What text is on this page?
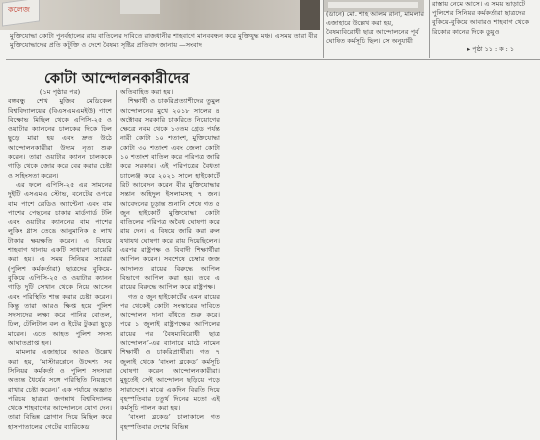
কলেজ
মুক্তিযোদ্ধা কোটা পুনর্বহালের রায় বাতিলের দাবিতে রাজধানীর শাহবাগে মানববন্ধন করে মুক্তিযুদ্ধ মঞ্চ। এসময় তারা বীর মুক্তিযোদ্ধাদের প্রতি কটূক্তি ও দেশে বৈষম্য সৃষ্টির প্রতিবাদ জানায় —সংবাদ
(ডানে) মো. শাহ আলম রানা, মামলার এজাহারে উল্লেখ করা হয়, বৈষম্যবিরোধী ছাত্র আন্দোলনের পূর্ব ঘোষিত কর্মসূচি ছিল। সে অনুযায়ী
রাস্তায় নেমে আসে। এ সময় ভাড়াটে পুলিশের সিনিয়র কর্মকর্তারা ছাত্রদের বুকিয়ে-বুকিয়ে আবারও শাহবাগ থেকে রিকোর কানের দিকে ডুয়ুও
▸ পৃষ্ঠা ১১ : ক : ১
কোটা আন্দোলনকারীদের

(১ম পৃষ্ঠার পর)

বঙ্গবন্ধু শেখ মুজিব মেডিকেল বিশ্ববিদ্যালয়ের (বিএসএমএমইউ) পাশে বিক্ষোভ মিছিল থেকে এপিসি-২৫ ও ওয়াটার ক্যাননের চালকের দিকে ঢিল ছুড়ে মারা হয় এবং দ্রুত উঠে আন্দোলনকারীরা উদ্যম নৃত্য শুরু করেন। তারা ওয়াটার ক্যানন চালককে গাড়ি থেকে জোর করে বের করার চেষ্টা ও সহিংসতা করেন।

এর ফলে এপিসি-২৫ এর সামনের দুইটি এসএমএ স্টোভ, বনেটের ওপরে বাম পাশে রেডিও অ্যান্টেনা এবং বাম পাশের পেছনের চাকার মার্ডগার্ড টলি এবং ওয়াটার ক্যাননের বাম পাশের লুকিং গ্লাস তেঙে আনুমানিক ৫ লাখ টাকার ক্ষয়ক্ষতি করেন। এ বিষয়ে শাহবাগ থানায় একটি সাধারণ ডায়েরি করা হয়। এ সময় সিনিয়র স্যাররা (পুলিশ কর্মকর্তারা) ছাত্রদের বুকিয়ে-বুকিয়ে এপিসি-২৫ ও ওয়াটার ক্যানন গাড়ি দুটি সেখান থেকে নিয়ে আসেন এবং পরিস্থিতি শান্ত করার চেষ্টা করেন। কিন্তু তারা আরও ক্ষিপ্ত হয়ে পুলিশ সদস্যদের লক্ষ্য করে পানির বোতল, ঢিল, টেলিটাল বল ও ইটের টুকরা ছুড়ে মারেন। এতে আহত পুলিশ সদস্য আঘাতপ্রাপ্ত হন।

মামলার এজাহারে আরও উল্লেখ করা হয়, ‘মাস্টারপ্লেনে উদ্দেশ্য সব সিনিয়র কর্মকর্তা ও পুলিশ সদস্যরা অত্যন্ত ধৈর্যের সঙ্গে পরিস্থিতি নিয়ন্ত্রণে রাখার চেষ্টা করেন।’ এক পর্যায়ে অজ্ঞাত পরিচয় ছাত্ররা জগন্নাথ বিশ্ববিদ্যালয় থেকে শাহবাগের আন্দোলনে যোগ দেন। তারা বিভিন্ন স্লোগান দিয়ে মিছিল করে হাসপাতালের গেটের ব্যারিকেড

অতিবাহিত করা হয়।

শিক্ষার্থী ও চাকরিপ্রত্যাশীদের তুমুল আন্দোলনের মুখে ২০১৮ সালের ৪ অক্টোবর সরকারি চাকরিতে নিয়োগের ক্ষেত্রে নবম থেকে ১৩তম গ্রেড পর্যন্ত নারী কোটা ১০ শতাংশ, মুক্তিযোদ্ধা কোটা ৩০ শতাংশ এবং জেলা কোটা ১০ শতাংশ বাতিল করে পরিপত্র জারি করে সরকার। এই পরিপত্রের বৈধতা চ্যালেঞ্জ করে ২০২১ সালে হাইকোর্টে রিট আবেদন করেন বীর মুক্তিযোদ্ধার সন্তান অহিদুল ইসলামসহ ৭ জন। আবেদনের চূড়ান্ত শুনানি শেষে গত ৫ জুন হাইকোর্ট মুক্তিযোদ্ধা কোটা বাতিলের পরিপত্র অবৈধ ঘোষণা করে রায় দেন। এ বিষয়ে জারি করা রুল যথাযথ ঘোষণা করে রায় দিয়েছিলেন। এরপর রাষ্ট্রপক্ষ ও বিবাদী শিক্ষার্থীরা আপিল করেন। সবশেষে চেম্বার জজ আদালত রায়ের বিরুদ্ধে আপিল বিভাগে আপিল করা হয়। তবে এ রায়ের বিরুদ্ধে আপিল করে রাষ্ট্রপক্ষ।

গত ৫ জুন হাইকোর্টের এমন রায়ের পর থেকেই কোটা সংস্কারের দাবিতে আন্দোলন দানা বাঁধতে শুরু করে। পরে ১ জুলাই রাষ্ট্রপক্ষের আপিলের রায়ের পর ‘বৈষম্যবিরোধী ছাত্র আন্দোলন’-এর ব্যানারে মাঠে নামেন শিক্ষার্থী ও চাকরিপ্রার্থীরা। গত ৭ জুলাই থেকে ‘বাংলা ব্লকেড’ কর্মসূচি ঘোষণা করেন আন্দোলনকারীরা। মুহূর্তেই সেই আন্দোলন ছড়িয়ে পড়ে সারাদেশে। মাঝে একদিন বিরতি দিয়ে বৃহস্পতিবার চতুর্থ দিনের মতো এই কর্মসূচি পালন করা হয়।

‘বাংলা ব্লকেড’ চালাকালে গত বৃহস্পতিবার দেশের বিভিন্ন
